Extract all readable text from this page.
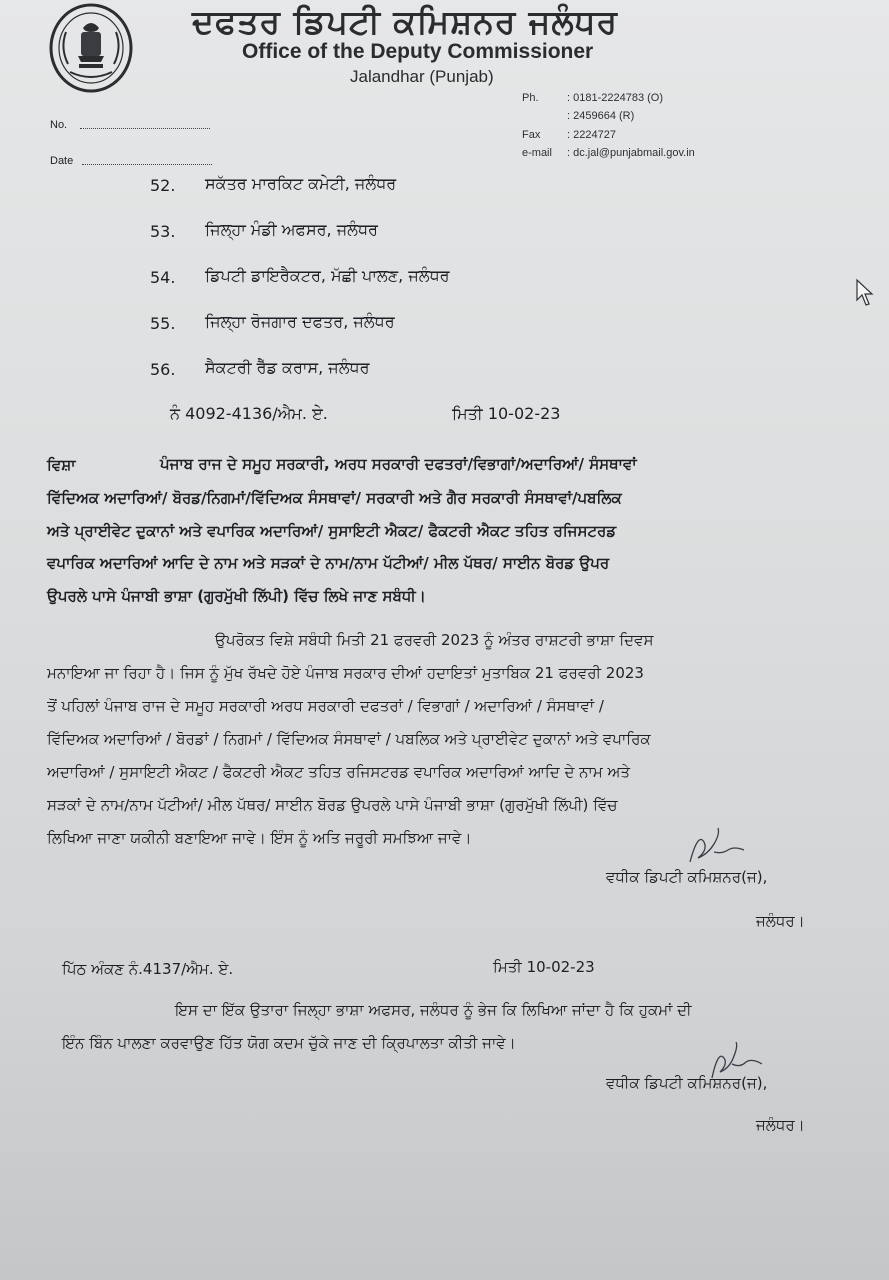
ਦਫਤਰ ਡਿਪਟੀ ਕਮਿਸ਼ਨਰ ਜਲੰਧਰ
Office of the Deputy Commissioner
Jalandhar (Punjab)
No.
Date
Ph.	: 0181-2224783 (O)
: 2459664 (R)
Fax : 2224727
e-mail : dc.jal@punjabmail.gov.in
52. ਸਕੱਤਰ ਮਾਰਕਿਟ ਕਮੇਟੀ, ਜਲੰਧਰ
53. ਜਿਲ੍ਹਾ ਮੰਡੀ ਅਫਸਰ, ਜਲੰਧਰ
54. ਡਿਪਟੀ ਡਾਇਰੈਕਟਰ, ਮੱਛੀ ਪਾਲਣ, ਜਲੰਧਰ
55. ਜਿਲ੍ਹਾ ਰੋਜਗਾਰ ਦਫਤਰ, ਜਲੰਧਰ
56. ਸੈਕਟਰੀ ਰੈੱਡ ਕਰਾਸ, ਜਲੰਧਰ
ਨੰ 4092-4136/ਐਮ. ਏ.	ਮਿਤੀ 10-02-23
ਵਿਸ਼ਾ	ਪੰਜਾਬ ਰਾਜ ਦੇ ਸਮੂਹ ਸਰਕਾਰੀ, ਅਰਧ ਸਰਕਾਰੀ ਦਫਤਰਾਂ/ਵਿਭਾਗਾਂ/ਅਦਾਰਿਆਂ/ ਸੰਸਥਾਵਾਂ
ਵਿੱਦਿਅਕ ਅਦਾਰਿਆਂ/ ਬੋਰਡ/ਨਿਗਮਾਂ/ਵਿੱਦਿਅਕ ਸੰਸਥਾਵਾਂ/ ਸਰਕਾਰੀ ਅਤੇ ਗੈਰ ਸਰਕਾਰੀ ਸੰਸਥਾਵਾਂ/ਪਬਲਿਕ
ਅਤੇ ਪ੍ਰਾਈਵੇਟ ਦੁਕਾਨਾਂ ਅਤੇ ਵਪਾਰਿਕ ਅਦਾਰਿਆਂ/ ਸੁਸਾਇਟੀ ਐਕਟ/ ਫੈਕਟਰੀ ਐਕਟ ਤਹਿਤ ਰਜਿਸਟਰਡ
ਵਪਾਰਿਕ ਅਦਾਰਿਆਂ ਆਦਿ ਦੇ ਨਾਮ ਅਤੇ ਸੜਕਾਂ ਦੇ ਨਾਮ/ਨਾਮ ਪੱਟੀਆਂ/ ਮੀਲ ਪੱਥਰ/ ਸਾਈਨ ਬੋਰਡ ਉਪਰ
ਉਪਰਲੇ ਪਾਸੇ ਪੰਜਾਬੀ ਭਾਸ਼ਾ (ਗੁਰਮੁੱਖੀ ਲਿੱਪੀ) ਵਿੱਚ ਲਿਖੇ ਜਾਣ ਸਬੰਧੀ।
ਉਪਰੋਕਤ ਵਿਸ਼ੇ ਸਬੰਧੀ ਮਿਤੀ 21 ਫਰਵਰੀ 2023 ਨੂੰ ਅੰਤਰ ਰਾਸ਼ਟਰੀ ਭਾਸ਼ਾ ਦਿਵਸ
ਮਨਾਇਆ ਜਾ ਰਿਹਾ ਹੈ। ਜਿਸ ਨੂੰ ਮੁੱਖ ਰੱਖਦੇ ਹੋਏ ਪੰਜਾਬ ਸਰਕਾਰ ਦੀਆਂ ਹਦਾਇਤਾਂ ਮੁਤਾਬਿਕ 21 ਫਰਵਰੀ 2023
ਤੋਂ ਪਹਿਲਾਂ ਪੰਜਾਬ ਰਾਜ ਦੇ ਸਮੂਹ ਸਰਕਾਰੀ ਅਰਧ ਸਰਕਾਰੀ ਦਫਤਰਾਂ / ਵਿਭਾਗਾਂ / ਅਦਾਰਿਆਂ / ਸੰਸਥਾਵਾਂ /
ਵਿੱਦਿਅਕ ਅਦਾਰਿਆਂ / ਬੋਰਡਾਂ / ਨਿਗਮਾਂ / ਵਿੱਦਿਅਕ ਸੰਸਥਾਵਾਂ / ਪਬਲਿਕ ਅਤੇ ਪ੍ਰਾਈਵੇਟ ਦੁਕਾਨਾਂ ਅਤੇ ਵਪਾਰਿਕ
ਅਦਾਰਿਆਂ / ਸੁਸਾਇਟੀ ਐਕਟ / ਫੈਕਟਰੀ ਐਕਟ ਤਹਿਤ ਰਜਿਸਟਰਡ ਵਪਾਰਿਕ ਅਦਾਰਿਆਂ ਆਦਿ ਦੇ ਨਾਮ ਅਤੇ
ਸੜਕਾਂ ਦੇ ਨਾਮ/ਨਾਮ ਪੱਟੀਆਂ/ ਮੀਲ ਪੱਥਰ/ ਸਾਈਨ ਬੋਰਡ ਉਪਰਲੇ ਪਾਸੇ ਪੰਜਾਬੀ ਭਾਸ਼ਾ (ਗੁਰਮੁੱਖੀ ਲਿੱਪੀ) ਵਿੱਚ
ਲਿਖਿਆ ਜਾਣਾ ਯਕੀਨੀ ਬਣਾਇਆ ਜਾਵੇ। ਇੰਸ ਨੂੰ ਅਤਿ ਜਰੂਰੀ ਸਮਝਿਆ ਜਾਵੇ।
ਵਧੀਕ ਡਿਪਟੀ ਕਮਿਸ਼ਨਰ(ਜ),
ਜਲੰਧਰ।
ਪਿੱਠ ਅੰਕਣ ਨੰ.4137/ਐਮ. ਏ.	ਮਿਤੀ 10-02-23
ਇਸ ਦਾ ਇੱਕ ਉਤਾਰਾ ਜਿਲ੍ਹਾ ਭਾਸ਼ਾ ਅਫਸਰ, ਜਲੰਧਰ ਨੂੰ ਭੇਜ ਕਿ ਲਿਖਿਆ ਜਾਂਦਾ ਹੈ ਕਿ ਹੁਕਮਾਂ ਦੀ
ਇੰਨ ਬਿੰਨ ਪਾਲਣਾ ਕਰਵਾਉਣ ਹਿੱਤ ਯੋਗ ਕਦਮ ਚੁੱਕੇ ਜਾਣ ਦੀ ਕ੍ਰਿਪਾਲਤਾ ਕੀਤੀ ਜਾਵੇ।
ਵਧੀਕ ਡਿਪਟੀ ਕਮਿਸ਼ਨਰ(ਜ),
ਜਲੰਧਰ।
